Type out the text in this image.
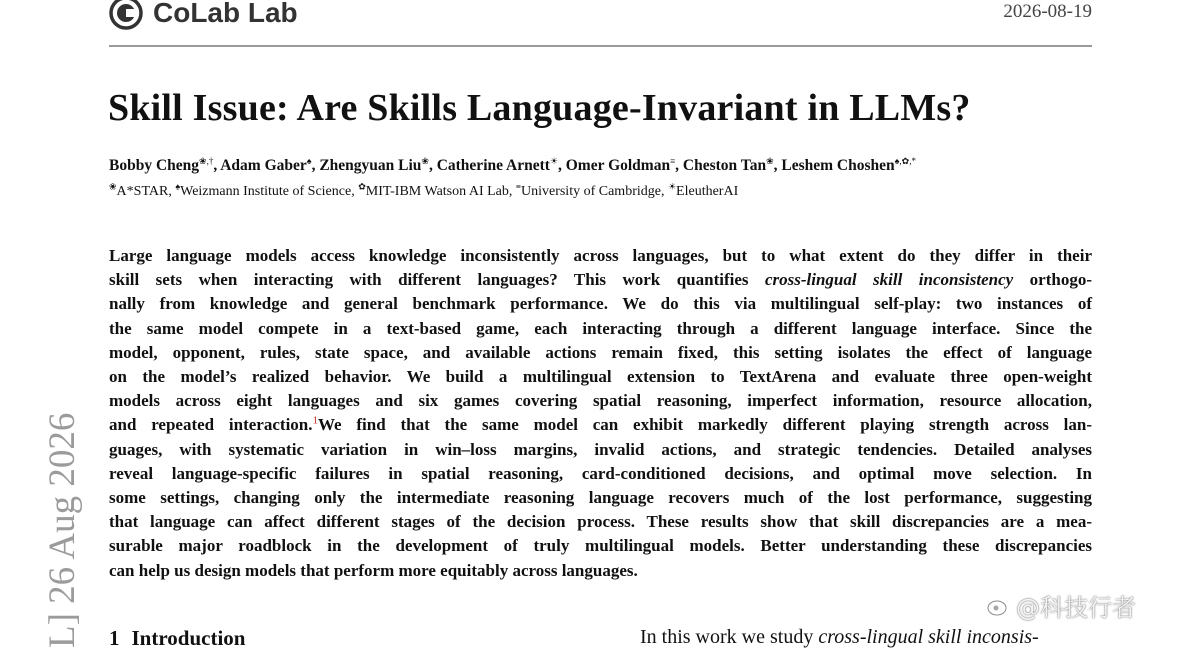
CoLab Lab	2026-08-19
Skill Issue: Are Skills Language-Invariant in LLMs?
Bobby Cheng❀,†, Adam Gaber♠, Zhengyuan Liu❀, Catherine Arnett☀, Omer Goldman≡, Cheston Tan❀, Leshem Choshen♠,✿,*
❀A*STAR, ♠Weizmann Institute of Science, ✿MIT-IBM Watson AI Lab, ≡University of Cambridge, ☀EleutherAI
Large language models access knowledge inconsistently across languages, but to what extent do they differ in their
skill sets when interacting with different languages? This work quantifies cross-lingual skill inconsistency orthogo-
nally from knowledge and general benchmark performance. We do this via multilingual self-play: two instances of
the same model compete in a text-based game, each interacting through a different language interface. Since the
model, opponent, rules, state space, and available actions remain fixed, this setting isolates the effect of language
on the model’s realized behavior. We build a multilingual extension to TextArena and evaluate three open-weight
models across eight languages and six games covering spatial reasoning, imperfect information, resource allocation,
and repeated interaction.$^1$We find that the same model can exhibit markedly different playing strength across lan-
guages, with systematic variation in win–loss margins, invalid actions, and strategic tendencies. Detailed analyses
reveal language-specific failures in spatial reasoning, card-conditioned decisions, and optimal move selection. In
some settings, changing only the intermediate reasoning language recovers much of the lost performance, suggesting
that language can affect different stages of the decision process. These results show that skill discrepancies are a mea-
surable major roadblock in the development of truly multilingual models. Better understanding these discrepancies
can help us design models that perform more equitably across languages.
L] 26 Aug 2026 1 Introduction	In this work we study cross-lingual skill inconsis-
@科技行者
